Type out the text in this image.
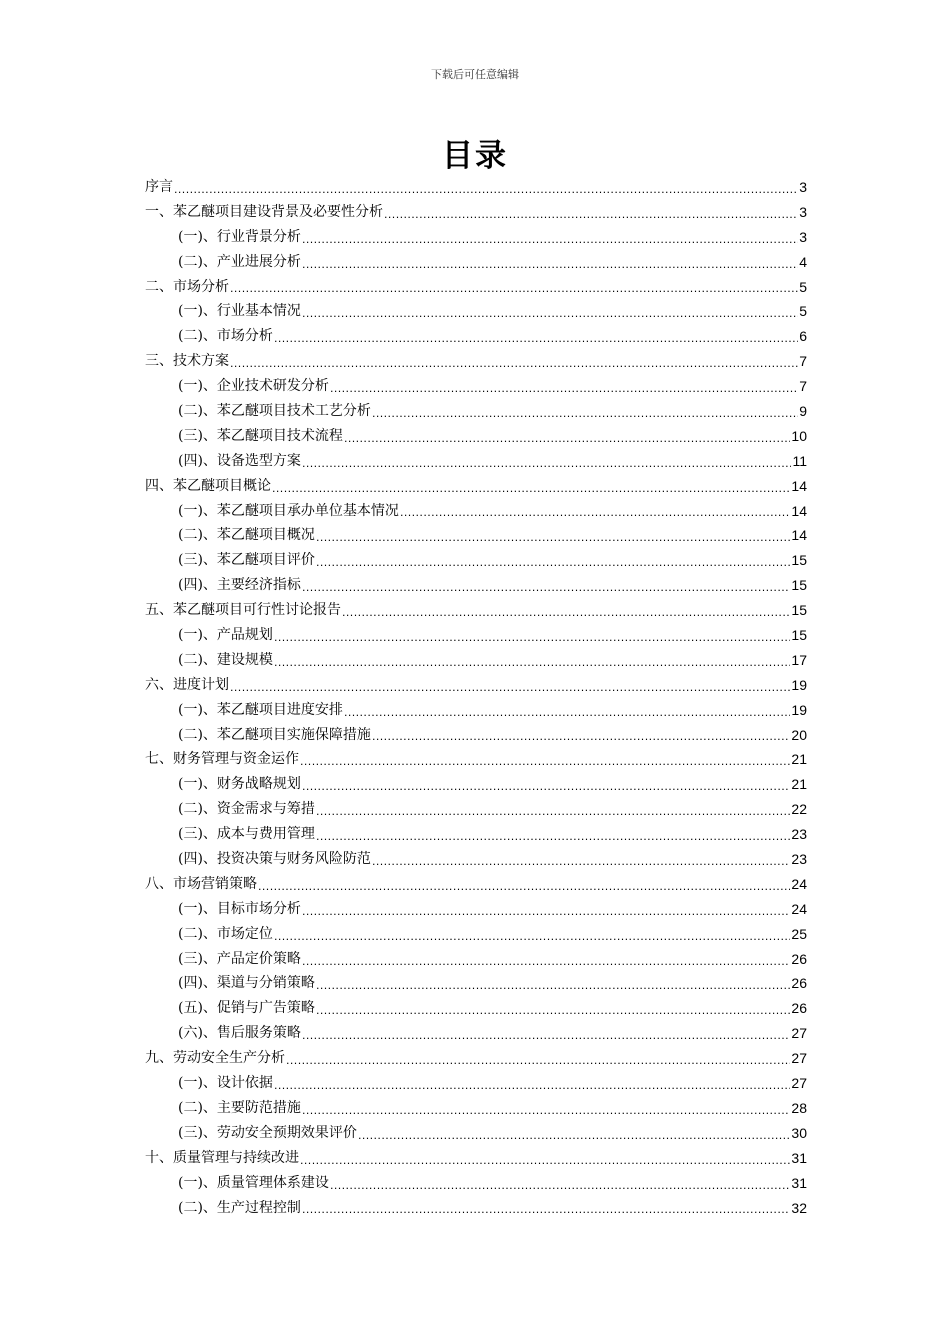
下载后可任意编辑
目录
序言 .....	3
一、苯乙醚项目建设背景及必要性分析 .....	3
(一)、行业背景分析 .....	3
(二)、产业进展分析 .....	4
二、市场分析 .....	5
(一)、行业基本情况 .....	5
(二)、市场分析 .....	6
三、技术方案 .....	7
(一)、企业技术研发分析 .....	7
(二)、苯乙醚项目技术工艺分析 .....	9
(三)、苯乙醚项目技术流程 .....	10
(四)、设备选型方案 .....	11
四、苯乙醚项目概论 .....	14
(一)、苯乙醚项目承办单位基本情况 .....	14
(二)、苯乙醚项目概况 .....	14
(三)、苯乙醚项目评价 .....	15
(四)、主要经济指标 .....	15
五、苯乙醚项目可行性讨论报告 .....	15
(一)、产品规划 .....	15
(二)、建设规模 .....	17
六、进度计划 .....	19
(一)、苯乙醚项目进度安排 .....	19
(二)、苯乙醚项目实施保障措施 .....	20
七、财务管理与资金运作 .....	21
(一)、财务战略规划 .....	21
(二)、资金需求与筹措 .....	22
(三)、成本与费用管理 .....	23
(四)、投资决策与财务风险防范 .....	23
八、市场营销策略 .....	24
(一)、目标市场分析 .....	24
(二)、市场定位 .....	25
(三)、产品定价策略 .....	26
(四)、渠道与分销策略 .....	26
(五)、促销与广告策略 .....	26
(六)、售后服务策略 .....	27
九、劳动安全生产分析 .....	27
(一)、设计依据 .....	27
(二)、主要防范措施 .....	28
(三)、劳动安全预期效果评价 .....	30
十、质量管理与持续改进 .....	31
(一)、质量管理体系建设 .....	31
(二)、生产过程控制 .....	32
